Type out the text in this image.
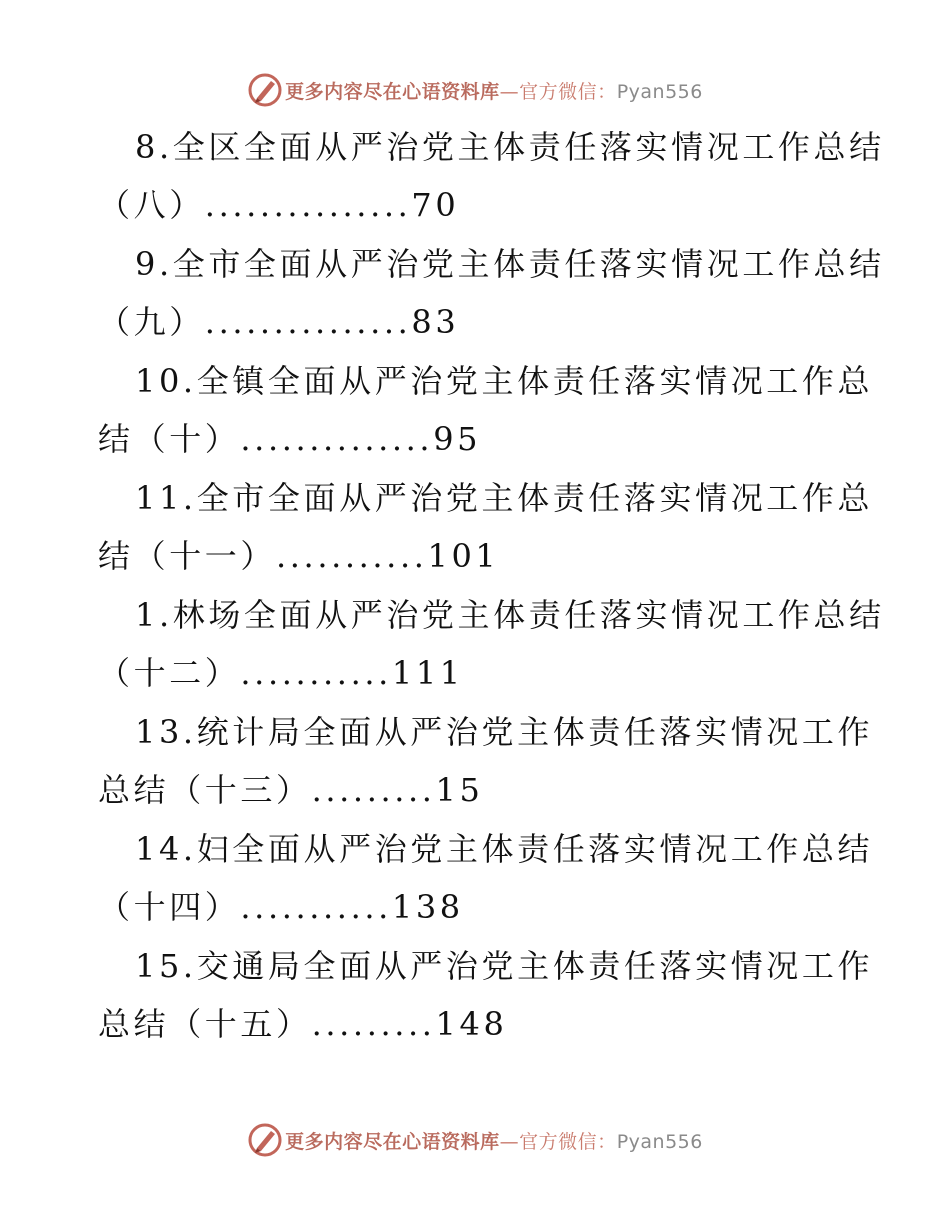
更多内容尽在心语资料库—官方微信：Pyan556
8.全区全面从严治党主体责任落实情况工作总结
（八）...............70
9.全市全面从严治党主体责任落实情况工作总结
（九）...............83
10.全镇全面从严治党主体责任落实情况工作总
结（十）..............95
11.全市全面从严治党主体责任落实情况工作总
结（十一）...........101
1.林场全面从严治党主体责任落实情况工作总结
（十二）...........111
13.统计局全面从严治党主体责任落实情况工作
总结（十三）.........15
14.妇全面从严治党主体责任落实情况工作总结
（十四）...........138
15.交通局全面从严治党主体责任落实情况工作
总结（十五）.........148
更多内容尽在心语资料库—官方微信：Pyan556
